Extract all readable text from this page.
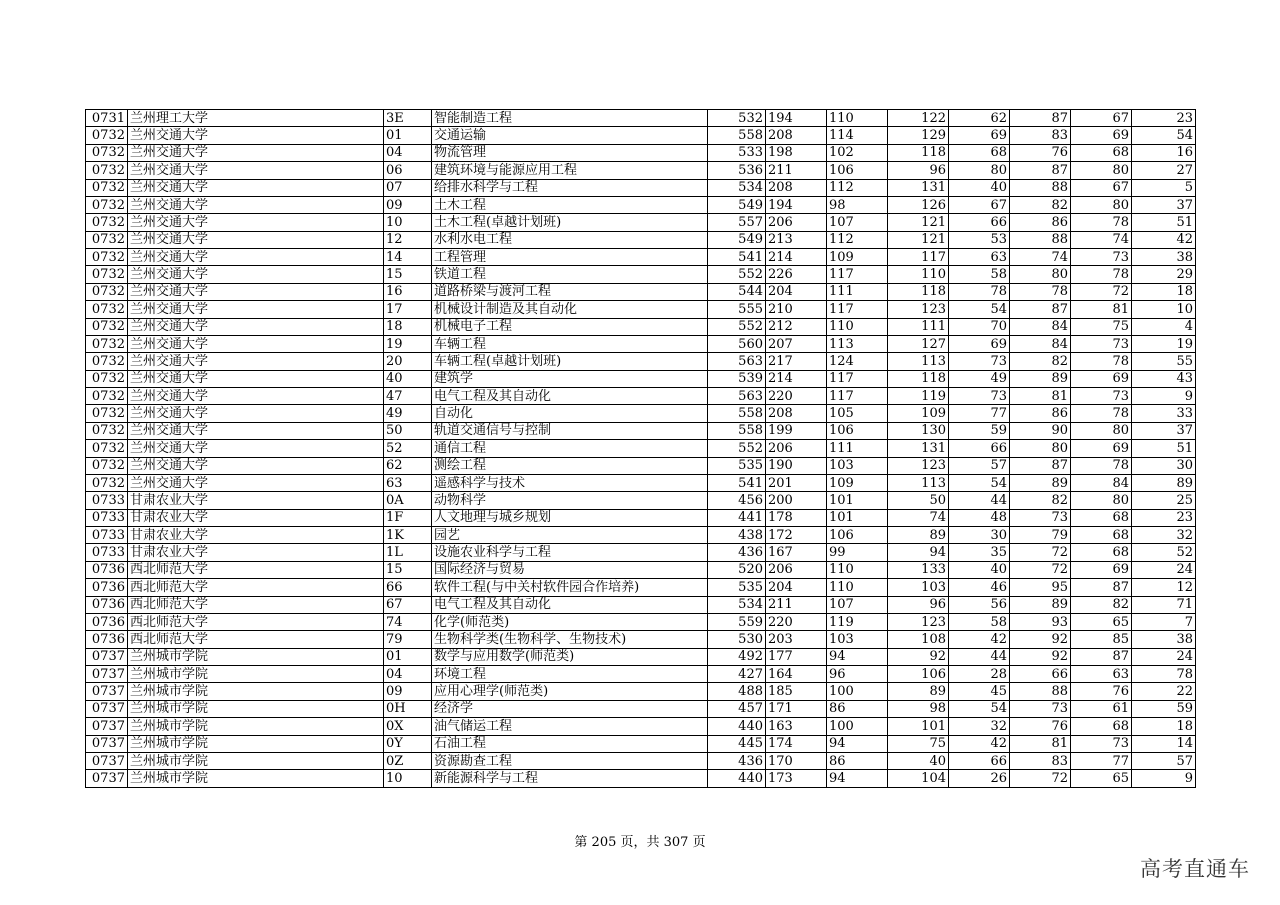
0731	兰州理工大学	3E	智能制造工程	532	194	110	122	62	87	67	23
0732	兰州交通大学	01	交通运输	558	208	114	129	69	83	69	54
0732	兰州交通大学	04	物流管理	533	198	102	118	68	76	68	16
0732	兰州交通大学	06	建筑环境与能源应用工程	536	211	106	96	80	87	80	27
0732	兰州交通大学	07	给排水科学与工程	534	208	112	131	40	88	67	5
0732	兰州交通大学	09	土木工程	549	194	98	126	67	82	80	37
0732	兰州交通大学	10	土木工程(卓越计划班)	557	206	107	121	66	86	78	51
0732	兰州交通大学	12	水利水电工程	549	213	112	121	53	88	74	42
0732	兰州交通大学	14	工程管理	541	214	109	117	63	74	73	38
0732	兰州交通大学	15	铁道工程	552	226	117	110	58	80	78	29
0732	兰州交通大学	16	道路桥梁与渡河工程	544	204	111	118	78	78	72	18
0732	兰州交通大学	17	机械设计制造及其自动化	555	210	117	123	54	87	81	10
0732	兰州交通大学	18	机械电子工程	552	212	110	111	70	84	75	4
0732	兰州交通大学	19	车辆工程	560	207	113	127	69	84	73	19
0732	兰州交通大学	20	车辆工程(卓越计划班)	563	217	124	113	73	82	78	55
0732	兰州交通大学	40	建筑学	539	214	117	118	49	89	69	43
0732	兰州交通大学	47	电气工程及其自动化	563	220	117	119	73	81	73	9
0732	兰州交通大学	49	自动化	558	208	105	109	77	86	78	33
0732	兰州交通大学	50	轨道交通信号与控制	558	199	106	130	59	90	80	37
0732	兰州交通大学	52	通信工程	552	206	111	131	66	80	69	51
0732	兰州交通大学	62	测绘工程	535	190	103	123	57	87	78	30
0732	兰州交通大学	63	遥感科学与技术	541	201	109	113	54	89	84	89
0733	甘肃农业大学	0A	动物科学	456	200	101	50	44	82	80	25
0733	甘肃农业大学	1F	人文地理与城乡规划	441	178	101	74	48	73	68	23
0733	甘肃农业大学	1K	园艺	438	172	106	89	30	79	68	32
0733	甘肃农业大学	1L	设施农业科学与工程	436	167	99	94	35	72	68	52
0736	西北师范大学	15	国际经济与贸易	520	206	110	133	40	72	69	24
0736	西北师范大学	66	软件工程(与中关村软件园合作培养)	535	204	110	103	46	95	87	12
0736	西北师范大学	67	电气工程及其自动化	534	211	107	96	56	89	82	71
0736	西北师范大学	74	化学(师范类)	559	220	119	123	58	93	65	7
0736	西北师范大学	79	生物科学类(生物科学、生物技术)	530	203	103	108	42	92	85	38
0737	兰州城市学院	01	数学与应用数学(师范类)	492	177	94	92	44	92	87	24
0737	兰州城市学院	04	环境工程	427	164	96	106	28	66	63	78
0737	兰州城市学院	09	应用心理学(师范类)	488	185	100	89	45	88	76	22
0737	兰州城市学院	0H	经济学	457	171	86	98	54	73	61	59
0737	兰州城市学院	0X	油气储运工程	440	163	100	101	32	76	68	18
0737	兰州城市学院	0Y	石油工程	445	174	94	75	42	81	73	14
0737	兰州城市学院	0Z	资源勘查工程	436	170	86	40	66	83	77	57
0737	兰州城市学院	10	新能源科学与工程	440	173	94	104	26	72	65	9
第 205 页，共 307 页
高考直通车
